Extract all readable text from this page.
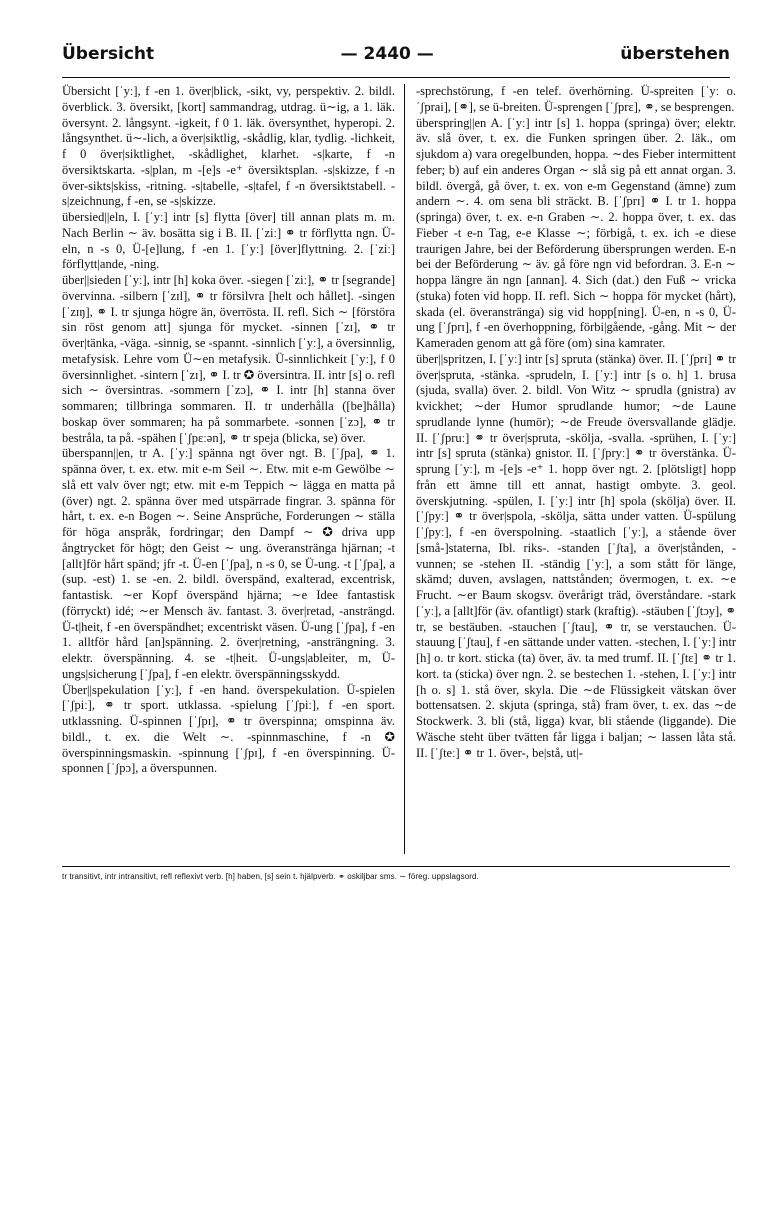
Übersicht	— 2440 —	überstehen

Übersicht [ˈyː], f -en 1. över|blick, -sikt, vy, perspektiv. 2. bildl. överblick. 3. översikt, [kort] sammandrag, utdrag. ü∼ig, a 1. läk. översynt. 2. långsynt. -igkeit, f 0 1. läk. översynthet, hyperopi. 2. långsynthet. ü∼-lich, a över|siktlig, -skådlig, klar, tydlig. -lichkeit, f 0 över|siktlighet, -skådlighet, klarhet. -s|karte, f -n översiktskarta. -s|plan, m -[e]s -e⁺ översiktsplan. -s|skizze, f -n över-sikts|skiss, -ritning. -s|tabelle, -s|tafel, f -n översiktstabell. -s|zeichnung, f -en, se -s|skizze.

übersied||eln, I. [ˈyː] intr [s] flytta [över] till annan plats m. m. Nach Berlin ∼ äv. bosätta sig i B. II. [ˈziː] ⚭ tr förflytta ngn. Ü-eln, n -s 0, Ü-[e]lung, f -en 1. [ˈyː] [över]flyttning. 2. [ˈziː] förflytt|ande, -ning.

über||sieden [ˈyː], intr [h] koka över. -siegen [ˈziː], ⚭ tr [segrande] övervinna. -silbern [ˈzɪl], ⚭ tr försilvra [helt och hållet]. -singen [ˈzɪŋ], ⚭ I. tr sjunga högre än, överrösta. II. refl. Sich ∼ [förstöra sin röst genom att] sjunga för mycket. -sinnen [ˈzɪ], ⚭ tr över|tänka, -väga. -sinnig, se -spannt. -sinnlich [ˈyː], a översinnlig, metafysisk. Lehre vom Ü∼en metafysik. Ü-sinnlichkeit [ˈyː], f 0 översinnlighet. -sintern [ˈzɪ], ⚭ I. tr ✪ översintra. II. intr [s] o. refl sich ∼ översintras. -sommern [ˈzɔ], ⚭ I. intr [h] stanna över sommaren; tillbringa sommaren. II. tr underhålla ([be]hålla) boskap över sommaren; ha på sommarbete. -sonnen [ˈzɔ], ⚭ tr bestråla, ta på. -spähen [ˈʃpɛːən], ⚭ tr speja (blicka, se) över.

überspann||en, tr A. [ˈyː] spänna ngt över ngt. B. [ˈʃpa], ⚭ 1. spänna över, t. ex. etw. mit e-m Seil ∼. Etw. mit e-m Gewölbe ∼ slå ett valv över ngt; etw. mit e-m Teppich ∼ lägga en matta på (över) ngt. 2. spänna över med utspärrade fingrar. 3. spänna för hårt, t. ex. e-n Bogen ∼. Seine Ansprüche, Forderungen ∼ ställa för höga anspråk, fordringar; den Dampf ∼ ✪ driva upp ångtrycket för högt; den Geist ∼ ung. överanstränga hjärnan; -t [allt]för hårt spänd; jfr -t. Ü-en [ˈʃpa], n -s 0, se Ü-ung. -t [ˈʃpa], a (sup. -est) 1. se -en. 2. bildl. överspänd, exalterad, excentrisk, fantastisk. ∼er Kopf överspänd hjärna; ∼e Idee fantastisk (förryckt) idé; ∼er Mensch äv. fantast. 3. över|retad, -ansträngd. Ü-t|heit, f -en överspändhet; excentriskt väsen. Ü-ung [ˈʃpa], f -en 1. alltför hård [an]spänning. 2. över|retning, -ansträngning. 3. elektr. överspänning. 4. se -t|heit. Ü-ungs|ableiter, m, Ü-ungs|sicherung [ˈʃpa], f -en elektr. överspänningsskydd.

Über||spekulation [ˈyː], f -en hand. överspekulation. Ü-spielen [ˈʃpiː], ⚭ tr sport. utklassa. -spielung [ˈʃpiː], f -en sport. utklassning. Ü-spinnen [ˈʃpɪ], ⚭ tr överspinna; omspinna äv. bildl., t. ex. die Welt ∼. -spinnmaschine, f -n ✪ överspinningsmaskin. -spinnung [ˈʃpɪ], f -en överspinning. Ü-sponnen [ˈʃpɔ], a överspunnen.

-sprechstörung, f -en telef. överhörning. Ü-spreiten [ˈyː o. ˈʃprai], [⚭], se ü-breiten. Ü-sprengen [ˈʃprɛ], ⚭, se besprengen.

überspring||en A. [ˈyː] intr [s] 1. hoppa (springa) över; elektr. äv. slå över, t. ex. die Funken springen über. 2. läk., om sjukdom a) vara oregelbunden, hoppa. ∼des Fieber intermittent feber; b) auf ein anderes Organ ∼ slå sig på ett annat organ. 3. bildl. övergå, gå över, t. ex. von e-m Gegenstand (ämne) zum andern ∼. 4. om sena bli sträckt. B. [ˈʃprɪ] ⚭ I. tr 1. hoppa (springa) över, t. ex. e-n Graben ∼. 2. hoppa över, t. ex. das Fieber -t e-n Tag, e-e Klasse ∼; förbigå, t. ex. ich -e diese traurigen Jahre, bei der Beförderung übersprungen werden. E-n bei der Beförderung ∼ äv. gå före ngn vid befordran. 3. E-n ∼ hoppa längre än ngn [annan]. 4. Sich (dat.) den Fuß ∼ vricka (stuka) foten vid hopp. II. refl. Sich ∼ hoppa för mycket (hårt), skada (el. överanstränga) sig vid hopp[ning]. Ü-en, n -s 0, Ü-ung [ˈʃprɪ], f -en överhoppning, förbi|gående, -gång. Mit ∼ der Kameraden genom att gå före (om) sina kamrater.

über||spritzen, I. [ˈyː] intr [s] spruta (stänka) över. II. [ˈʃprɪ] ⚭ tr över|spruta, -stänka. -sprudeln, I. [ˈyː] intr [s o. h] 1. brusa (sjuda, svalla) över. 2. bildl. Von Witz ∼ sprudla (gnistra) av kvickhet; ∼der Humor sprudlande humor; ∼de Laune sprudlande lynne (humör); ∼de Freude översvallande glädje. II. [ˈʃpruː] ⚭ tr över|spruta, -skölja, -svalla. -sprühen, I. [ˈyː] intr [s] spruta (stänka) gnistor. II. [ˈʃpryː] ⚭ tr överstänka. Ü-sprung [ˈyː], m -[e]s -e⁺ 1. hopp över ngt. 2. [plötsligt] hopp från ett ämne till ett annat, hastigt ombyte. 3. geol. överskjutning. -spülen, I. [ˈyː] intr [h] spola (skölja) över. II. [ˈʃpyː] ⚭ tr över|spola, -skölja, sätta under vatten. Ü-spülung [ˈʃpyː], f -en överspolning. -staatlich [ˈyː], a stående över [små-]staterna, Ibl. riks-. -standen [ˈʃta], a över|stånden, -vunnen; se -stehen II. -ständig [ˈyː], a som stått för länge, skämd; duven, avslagen, nattstånden; övermogen, t. ex. ∼e Frucht. ∼er Baum skogsv. överårigt träd, överståndare. -stark [ˈyː], a [allt]för (äv. ofantligt) stark (kraftig). -stäuben [ˈʃtɔy], ⚭ tr, se bestäuben. -stauchen [ˈʃtau], ⚭ tr, se verstauchen. Ü-stauung [ˈʃtau], f -en sättande under vatten. -stechen, I. [ˈyː] intr [h] o. tr kort. sticka (ta) över, äv. ta med trumf. II. [ˈʃtɛ] ⚭ tr 1. kort. ta (sticka) över ngn. 2. se bestechen 1. -stehen, I. [ˈyː] intr [h o. s] 1. stå över, skyla. Die ∼de Flüssigkeit vätskan över bottensatsen. 2. skjuta (springa, stå) fram över, t. ex. das ∼de Stockwerk. 3. bli (stå, ligga) kvar, bli stående (liggande). Die Wäsche steht über tvätten får ligga i baljan; ∼ lassen låta stå. II. [ˈʃteː] ⚭ tr 1. över-, be|stå, ut|-

tr transitivt, intr intransitivt, refl reflexivt verb. [h] haben, [s] sein t. hjälpverb. ⚭ oskiljbar sms. ∼ föreg. uppslagsord.
